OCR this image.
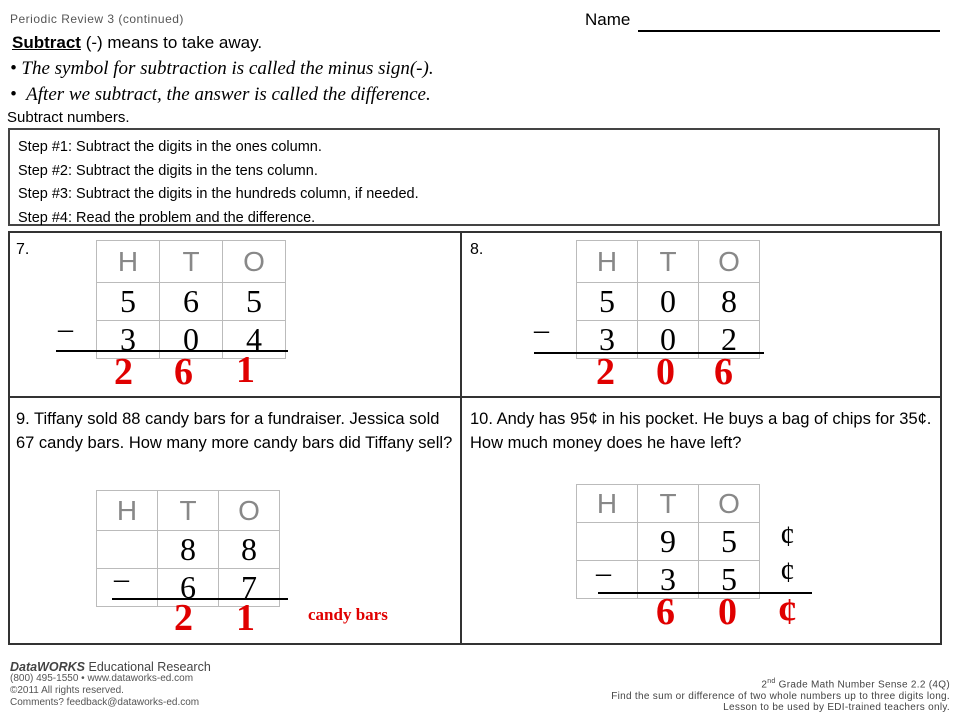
Periodic Review 3 (continued)	Name
Subtract (-) means to take away.
• The symbol for subtraction is called the minus sign(-).
• After we subtract, the answer is called the difference.
Subtract numbers.
Step #1: Subtract the digits in the ones column.
Step #2: Subtract the digits in the tens column.
Step #3: Subtract the digits in the hundreds column, if needed.
Step #4: Read the problem and the difference.
7.	H	T	O
5	6	5
3	0	4
–
2 6 1
8.	H	T	O
5	0	8
3	0	2
–
2 0 6
9. Tiffany sold 88 candy bars for a fundraiser. Jessica sold 67 candy bars. How many more candy bars did Tiffany sell?
H	T	O
	8	8
	6	7
–
2 1	candy bars
10. Andy has 95¢ in his pocket. He buys a bag of chips for 35¢. How much money does he have left?
H	T	O
	9	5
	3	5
¢
¢
–
6 0 ¢
DataWORKS Educational Research
(800) 495-1550 • www.dataworks-ed.com
©2011 All rights reserved.
Comments? feedback@dataworks-ed.com
2nd Grade Math Number Sense 2.2 (4Q)
Find the sum or difference of two whole numbers up to three digits long.
Lesson to be used by EDI-trained teachers only.
